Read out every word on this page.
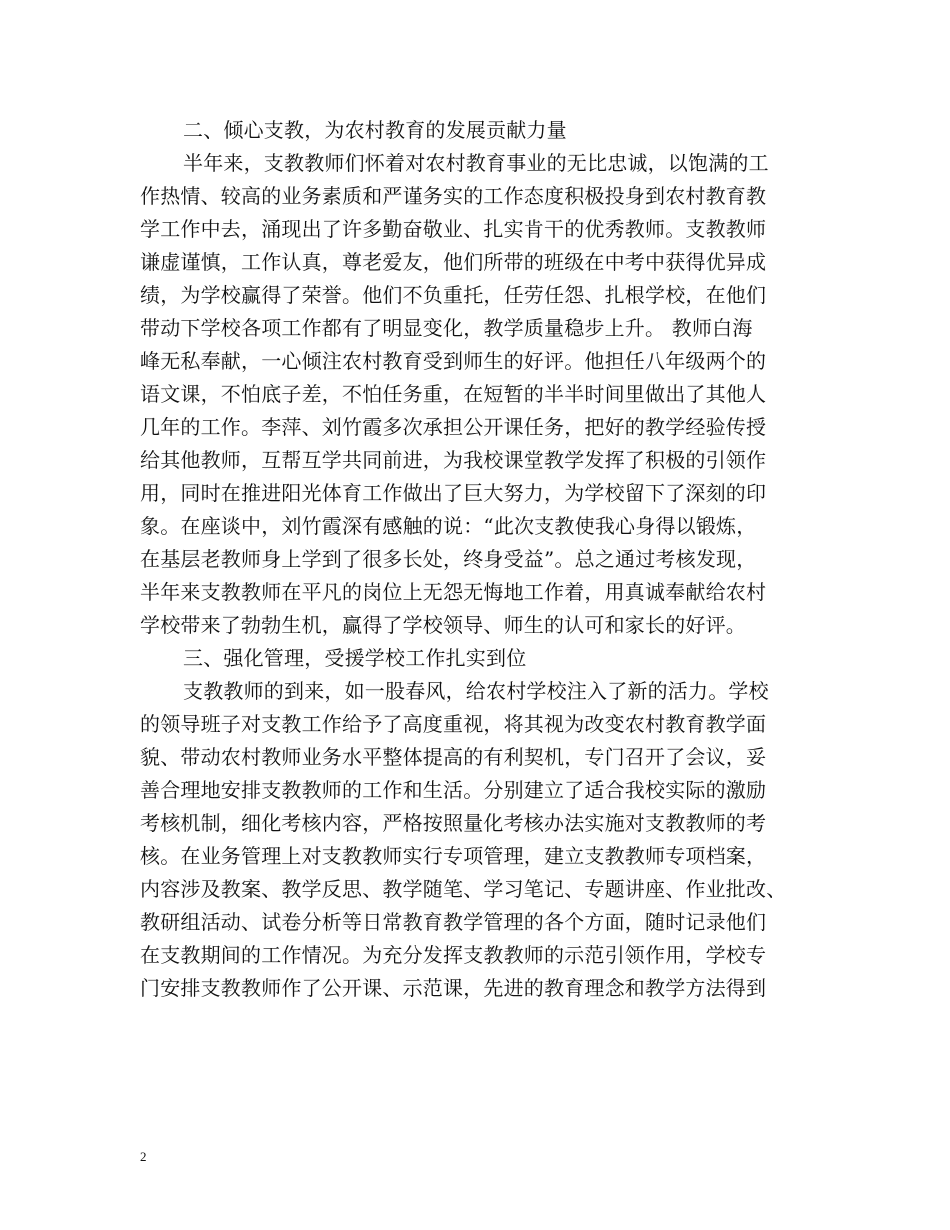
二、倾心支教，为农村教育的发展贡献力量
半年来，支教教师们怀着对农村教育事业的无比忠诚，以饱满的工
作热情、较高的业务素质和严谨务实的工作态度积极投身到农村教育教
学工作中去，涌现出了许多勤奋敬业、扎实肯干的优秀教师。支教教师
谦虚谨慎，工作认真，尊老爱友，他们所带的班级在中考中获得优异成
绩，为学校赢得了荣誉。他们不负重托，任劳任怨、扎根学校，在他们
带动下学校各项工作都有了明显变化，教学质量稳步上升。 教师白海
峰无私奉献，一心倾注农村教育受到师生的好评。他担任八年级两个的
语文课，不怕底子差，不怕任务重，在短暂的半半时间里做出了其他人
几年的工作。李萍、刘竹霞多次承担公开课任务，把好的教学经验传授
给其他教师，互帮互学共同前进，为我校课堂教学发挥了积极的引领作
用，同时在推进阳光体育工作做出了巨大努力，为学校留下了深刻的印
象。在座谈中，刘竹霞深有感触的说：“此次支教使我心身得以锻炼，
在基层老教师身上学到了很多长处，终身受益”。总之通过考核发现，
半年来支教教师在平凡的岗位上无怨无悔地工作着，用真诚奉献给农村
学校带来了勃勃生机，赢得了学校领导、师生的认可和家长的好评。
三、强化管理，受援学校工作扎实到位
支教教师的到来，如一股春风，给农村学校注入了新的活力。学校
的领导班子对支教工作给予了高度重视，将其视为改变农村教育教学面
貌、带动农村教师业务水平整体提高的有利契机，专门召开了会议，妥
善合理地安排支教教师的工作和生活。分别建立了适合我校实际的激励
考核机制，细化考核内容，严格按照量化考核办法实施对支教教师的考
核。在业务管理上对支教教师实行专项管理，建立支教教师专项档案，
内容涉及教案、教学反思、教学随笔、学习笔记、专题讲座、作业批改、
教研组活动、试卷分析等日常教育教学管理的各个方面，随时记录他们
在支教期间的工作情况。为充分发挥支教教师的示范引领作用，学校专
门安排支教教师作了公开课、示范课，先进的教育理念和教学方法得到
2
